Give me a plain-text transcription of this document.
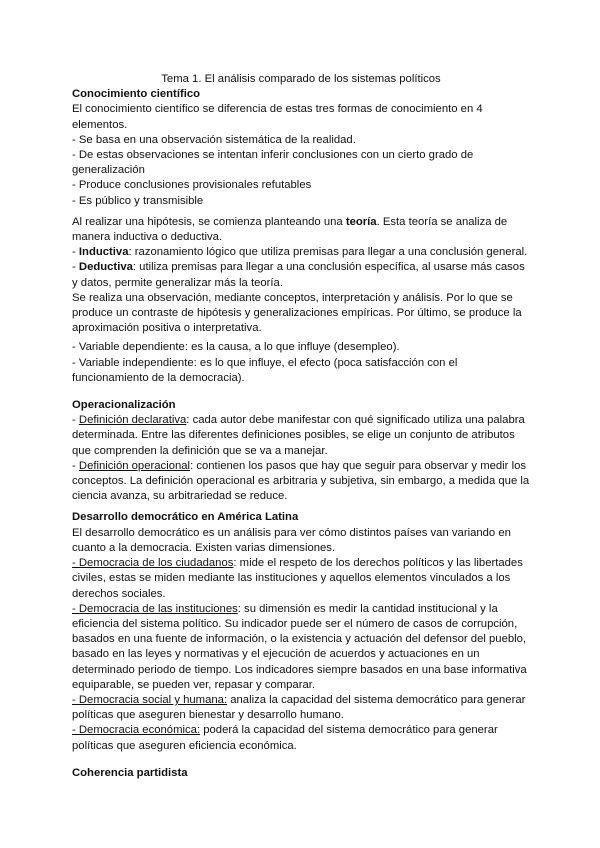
Tema 1. El análisis comparado de los sistemas políticos

Conocimiento científico

El conocimiento científico se diferencia de estas tres formas de conocimiento en 4 elementos.

- Se basa en una observación sistemática de la realidad.

- De estas observaciones se intentan inferir conclusiones con un cierto grado de generalización

- Produce conclusiones provisionales refutables

- Es público y transmisible

Al realizar una hipótesis, se comienza planteando una teoría. Esta teoría se analiza de manera inductiva o deductiva.

- Inductiva: razonamiento lógico que utiliza premisas para llegar a una conclusión general.

- Deductiva: utiliza premisas para llegar a una conclusión específica, al usarse más casos y datos, permite generalizar más la teoría.

Se realiza una observación, mediante conceptos, interpretación y análisis. Por lo que se produce un contraste de hipótesis y generalizaciones empíricas. Por último, se produce la aproximación positiva o interpretativa.

- Variable dependiente: es la causa, a lo que influye (desempleo).

- Variable independiente: es lo que influye, el efecto (poca satisfacción con el funcionamiento de la democracia).

Operacionalización

- Definición declarativa: cada autor debe manifestar con qué significado utiliza una palabra determinada. Entre las diferentes definiciones posibles, se elige un conjunto de atributos que comprenden la definición que se va a manejar.

- Definición operacional: contienen los pasos que hay que seguir para observar y medir los conceptos. La definición operacional es arbitraria y subjetiva, sin embargo, a medida que la ciencia avanza, su arbitrariedad se reduce.

Desarrollo democrático en América Latina

El desarrollo democrático es un análisis para ver cómo distintos países van variando en cuanto a la democracia. Existen varias dimensiones.

- Democracia de los ciudadanos: mide el respeto de los derechos políticos y las libertades civiles, estas se miden mediante las instituciones y aquellos elementos vinculados a los derechos sociales.

- Democracia de las instituciones: su dimensión es medir la cantidad institucional y la eficiencia del sistema político. Su indicador puede ser el número de casos de corrupción, basados en una fuente de información, o la existencia y actuación del defensor del pueblo, basado en las leyes y normativas y el ejecución de acuerdos y actuaciones en un determinado periodo de tiempo. Los indicadores siempre basados en una base informativa equiparable, se pueden ver, repasar y comparar.

- Democracia social y humana: analiza la capacidad del sistema democrático para generar políticas que aseguren bienestar y desarrollo humano.

- Democracia económica: poderá la capacidad del sistema democrático para generar políticas que aseguren eficiencia económica.

Coherencia partidista
